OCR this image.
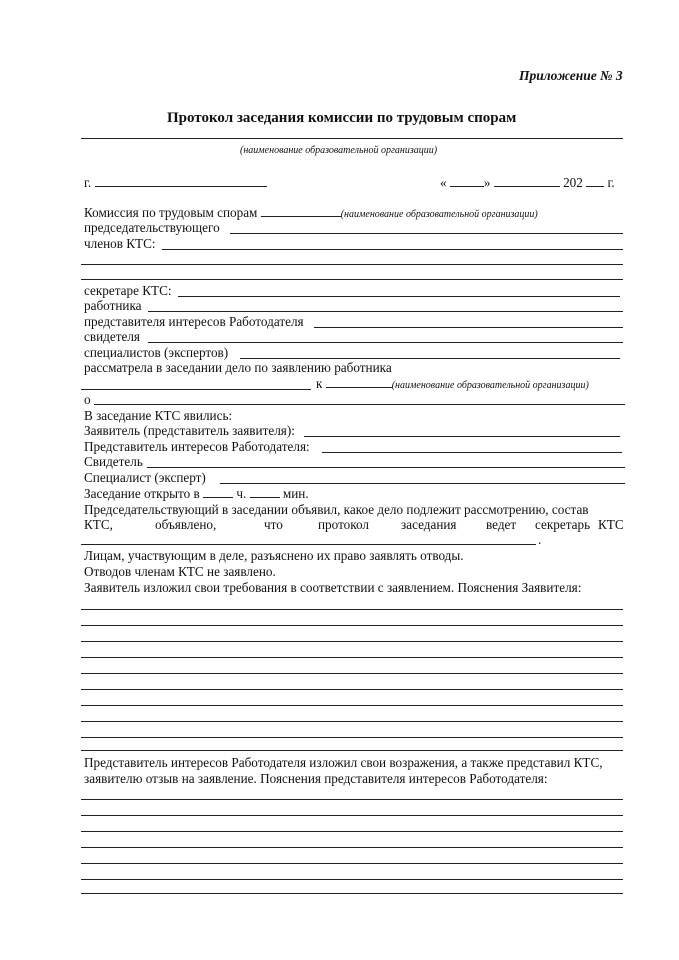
Приложение № 3
Протокол заседания комиссии по трудовым спорам
(наименование образовательной организации)
г.	«	»	202 г.
Комиссия по трудовым спорам	(наименование образовательной организации)
председательствующего
членов КТС:
секретаре КТС:
работника
представителя интересов Работодателя
свидетеля
специалистов (экспертов)
рассматрела в заседании дело по заявлению работника
к	(наименование образовательной организации)
о
В заседание КТС явились:
Заявитель (представитель заявителя):
Представитель интересов Работодателя:
Свидетель
Специалист (эксперт)
Заседание открыто в	ч.	мин.
Председательствующий в заседании объявил, какое дело подлежит рассмотрению, состав
КТС,	объявлено,	что	протокол заседания ведет секретарь КТС
.
Лицам, участвующим в деле, разъяснено их право заявлять отводы.
Отводов членам КТС не заявлено.
Заявитель изложил свои требования в соответствии с заявлением. Пояснения Заявителя:
Представитель интересов Работодателя изложил свои возражения, а также представил КТС,
заявителю отзыв на заявление. Пояснения представителя интересов Работодателя:
